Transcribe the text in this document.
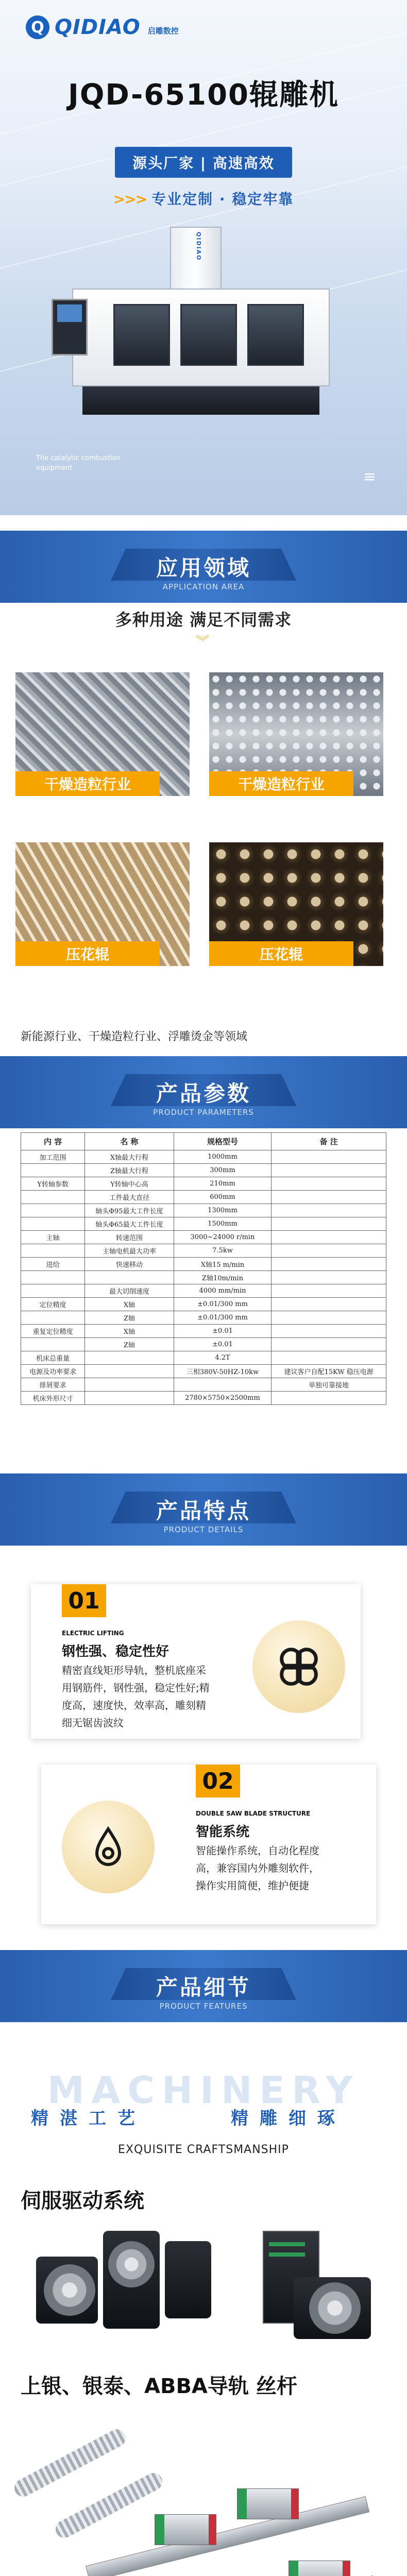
Q QIDIAO 启雕数控
JQD-65100辊雕机
源头厂家 | 高速高效
>>> 专业定制 · 稳定牢靠
QIDIAO
The catalytic combustion
equipment	≡
应用领域
APPLICATION AREA
多种用途 满足不同需求
︾
干燥造粒行业	干燥造粒行业
压花辊	压花辊
新能源行业、干燥造粒行业、浮雕烫金等领域
产品参数
PRODUCT PARAMETERS
内 容	名 称	规格型号	备 注
加工范围	X轴最大行程	1000mm	
	Z轴最大行程	300mm	
Y转轴参数	Y转轴中心高	210mm	
	工件最大直径	600mm	
	轴头Φ95最大工件长度	1300mm	
	轴头Φ65最大工件长度	1500mm	
主轴	转速范围	3000~24000 r/min	
	主轴电机最大功率	7.5kw	
进给	快速移动	X轴15 m/min	
		Z轴10m/min	
	最大切削速度	4000 mm/min	
定位精度	X轴	±0.01/300 mm	
	Z轴	±0.01/300 mm	
重复定位精度	X轴	±0.01	
	Z轴	±0.01	
机床总重量		4.2T	
电源及功率要求		三相380V-50HZ-10kw	建议客户自配15KW 稳压电源
排屑要求			单独可靠接地
机床外形尺寸		2780×5750×2500mm	
产品特点
PRODUCT DETAILS
01
ELECTRIC LIFTING
钢性强、稳定性好
精密直线矩形导轨，整机底座采
用钢筋件，钢性强，稳定性好;精
度高，速度快，效率高，雕刻精
细无锯齿波纹
02
DOUBLE SAW BLADE STRUCTURE
智能系统
智能操作系统，自动化程度
高，兼容国内外雕刻软件，
操作实用简便，维护便捷
产品细节
PRODUCT FEATURES
MACHINERY
精湛工艺	精雕细琢
EXQUISITE CRAFTSMANSHIP
伺服驱动系统
上银、银泰、ABBA导轨 丝杆
